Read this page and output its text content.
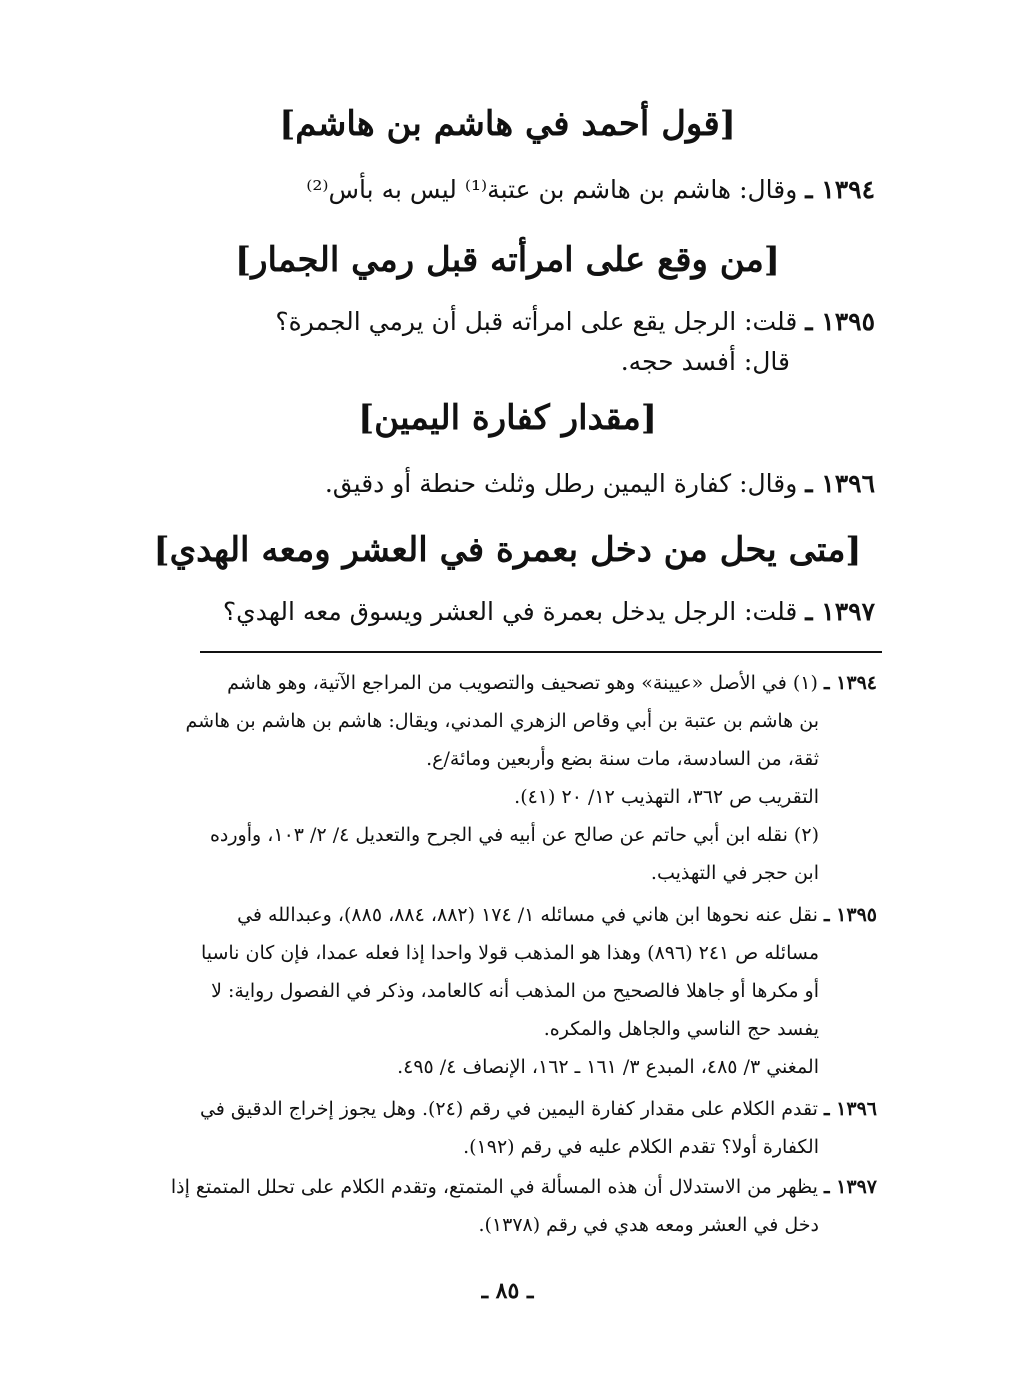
[قول أحمد في هاشم بن هاشم]
١٣٩٤ ـ وقال: هاشم بن هاشم بن عتبة⁽¹⁾ ليس به بأس⁽²⁾
[من وقع على امرأته قبل رمي الجمار]
١٣٩٥ ـ قلت: الرجل يقع على امرأته قبل أن يرمي الجمرة؟
قال: أفسد حجه.
[مقدار كفارة اليمين]
١٣٩٦ ـ وقال: كفارة اليمين رطل وثلث حنطة أو دقيق.
[متى يحل من دخل بعمرة في العشر ومعه الهدي]
١٣٩٧ ـ قلت: الرجل يدخل بعمرة في العشر ويسوق معه الهدي؟
١٣٩٤ ـ (١) في الأصل «عيينة» وهو تصحيف والتصويب من المراجع الآتية، وهو هاشم
بن هاشم بن عتبة بن أبي وقاص الزهري المدني، ويقال: هاشم بن هاشم بن هاشم
ثقة، من السادسة، مات سنة بضع وأربعين ومائة/ع.
التقريب ص ٣٦٢، التهذيب ١٢/ ٢٠ (٤١).
(٢) نقله ابن أبي حاتم عن صالح عن أبيه في الجرح والتعديل ٤/ ٢/ ١٠٣، وأورده
ابن حجر في التهذيب.
١٣٩٥ ـ نقل عنه نحوها ابن هاني في مسائله ١/ ١٧٤ (٨٨٢، ٨٨٤، ٨٨٥)، وعبدالله في
مسائله ص ٢٤١ (٨٩٦) وهذا هو المذهب قولا واحدا إذا فعله عمدا، فإن كان ناسيا
أو مكرها أو جاهلا فالصحيح من المذهب أنه كالعامد، وذكر في الفصول رواية: لا
يفسد حج الناسي والجاهل والمكره.
المغني ٣/ ٤٨٥، المبدع ٣/ ١٦١ ـ ١٦٢، الإنصاف ٤/ ٤٩٥.
١٣٩٦ ـ تقدم الكلام على مقدار كفارة اليمين في رقم (٢٤). وهل يجوز إخراج الدقيق في
الكفارة أولا؟ تقدم الكلام عليه في رقم (١٩٢).
١٣٩٧ ـ يظهر من الاستدلال أن هذه المسألة في المتمتع، وتقدم الكلام على تحلل المتمتع إذا
دخل في العشر ومعه هدي في رقم (١٣٧٨).
ـ ٨٥ ـ
